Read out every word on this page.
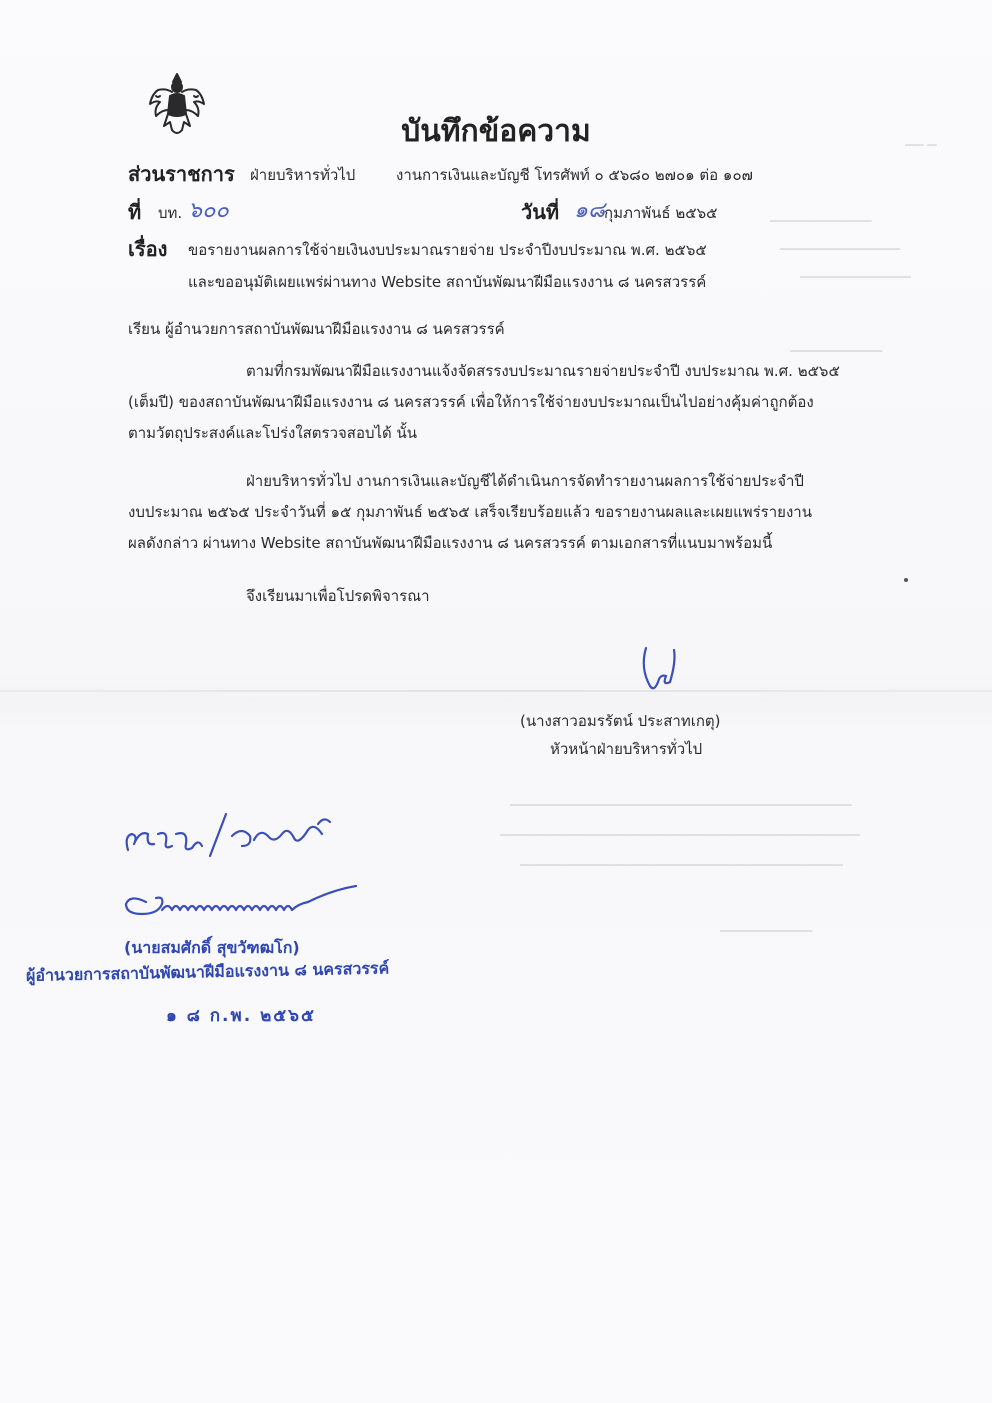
▁▁ ▁
▁▁▁▁▁▁▁▁▁▁▁
▁▁▁▁▁▁▁▁▁▁▁▁▁
▁▁▁▁▁▁▁▁▁▁▁▁
▁▁▁▁▁▁▁▁▁▁
▁▁▁▁▁▁▁▁▁▁▁▁▁▁▁▁▁▁▁▁▁▁▁▁▁▁▁▁▁▁▁▁▁▁▁▁▁
▁▁▁▁▁▁▁▁▁▁▁▁▁▁▁▁▁▁▁▁▁▁▁▁▁▁▁▁▁▁▁▁▁▁▁▁▁▁▁
▁▁▁▁▁▁▁▁▁▁▁▁▁▁▁▁▁▁▁▁▁▁▁▁▁▁▁▁▁▁▁▁▁▁▁
▁▁▁▁▁▁▁▁▁▁
บันทึกข้อความ
ส่วนราชการ ฝ่ายบริหารทั่วไป	งานการเงินและบัญชี โทรศัพท์ ๐ ๕๖๘๐ ๒๗๐๑ ต่อ ๑๐๗
ที่ บท. ๖๐๐	วันที่ ๑๘ กุมภาพันธ์ ๒๕๖๕
เรื่อง ขอรายงานผลการใช้จ่ายเงินงบประมาณรายจ่าย ประจำปีงบประมาณ พ.ศ. ๒๕๖๕
และขออนุมัติเผยแพร่ผ่านทาง Website สถาบันพัฒนาฝีมือแรงงาน ๘ นครสวรรค์
เรียน ผู้อำนวยการสถาบันพัฒนาฝีมือแรงงาน ๘ นครสวรรค์
ตามที่กรมพัฒนาฝีมือแรงงานแจ้งจัดสรรงบประมาณรายจ่ายประจำปี งบประมาณ พ.ศ. ๒๕๖๕
(เต็มปี) ของสถาบันพัฒนาฝีมือแรงงาน ๘ นครสวรรค์ เพื่อให้การใช้จ่ายงบประมาณเป็นไปอย่างคุ้มค่าถูกต้อง
ตามวัตถุประสงค์และโปร่งใสตรวจสอบได้ นั้น
ฝ่ายบริหารทั่วไป งานการเงินและบัญชีได้ดำเนินการจัดทำรายงานผลการใช้จ่ายประจำปี
งบประมาณ ๒๕๖๕ ประจำวันที่ ๑๕ กุมภาพันธ์ ๒๕๖๕ เสร็จเรียบร้อยแล้ว ขอรายงานผลและเผยแพร่รายงาน
ผลดังกล่าว ผ่านทาง Website สถาบันพัฒนาฝีมือแรงงาน ๘ นครสวรรค์ ตามเอกสารที่แนบมาพร้อมนี้
จึงเรียนมาเพื่อโปรดพิจารณา
(นางสาวอมรรัตน์ ประสาทเกตุ)
หัวหน้าฝ่ายบริหารทั่วไป
(นายสมศักดิ์ สุขวัฑฒโก)
ผู้อำนวยการสถาบันพัฒนาฝีมือแรงงาน ๘ นครสวรรค์
๑ ๘ ก.พ. ๒๕๖๕
